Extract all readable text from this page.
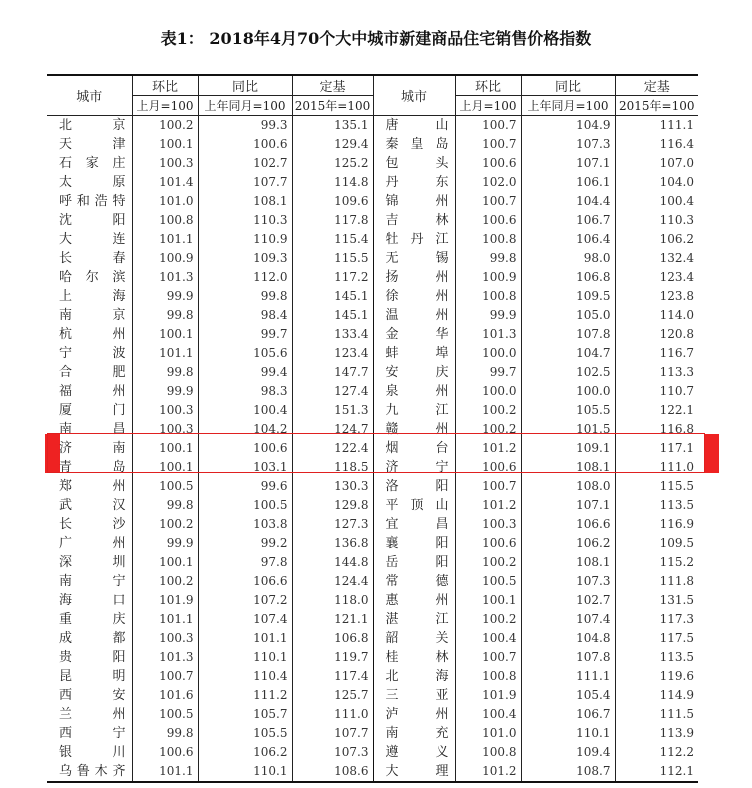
表1： 2018年4月70个大中城市新建商品住宅销售价格指数
城市	环比	同比	定基	城市	环比	同比	定基
	上月=100	上年同月=100	2015年=100		上月=100	上年同月=100	2015年=100
北京	100.2	99.3	135.1	唐山	100.7	104.9	111.1
天津	100.1	100.6	129.4	秦皇岛	100.7	107.3	116.4
石家庄	100.3	102.7	125.2	包头	100.6	107.1	107.0
太原	101.4	107.7	114.8	丹东	102.0	106.1	104.0
呼和浩特	101.0	108.1	109.6	锦州	100.7	104.4	100.4
沈阳	100.8	110.3	117.8	吉林	100.6	106.7	110.3
大连	101.1	110.9	115.4	牡丹江	100.8	106.4	106.2
长春	100.9	109.3	115.5	无锡	99.8	98.0	132.4
哈尔滨	101.3	112.0	117.2	扬州	100.9	106.8	123.4
上海	99.9	99.8	145.1	徐州	100.8	109.5	123.8
南京	99.8	98.4	145.1	温州	99.9	105.0	114.0
杭州	100.1	99.7	133.4	金华	101.3	107.8	120.8
宁波	101.1	105.6	123.4	蚌埠	100.0	104.7	116.7
合肥	99.8	99.4	147.7	安庆	99.7	102.5	113.3
福州	99.9	98.3	127.4	泉州	100.0	100.0	110.7
厦门	100.3	100.4	151.3	九江	100.2	105.5	122.1
南昌	100.3	104.2	124.7	赣州	100.2	101.5	116.8
济南	100.1	100.6	122.4	烟台	101.2	109.1	117.1
青岛	100.1	103.1	118.5	济宁	100.6	108.1	111.0
郑州	100.5	99.6	130.3	洛阳	100.7	108.0	115.5
武汉	99.8	100.5	129.8	平顶山	101.2	107.1	113.5
长沙	100.2	103.8	127.3	宜昌	100.3	106.6	116.9
广州	99.9	99.2	136.8	襄阳	100.6	106.2	109.5
深圳	100.1	97.8	144.8	岳阳	100.2	108.1	115.2
南宁	100.2	106.6	124.4	常德	100.5	107.3	111.8
海口	101.9	107.2	118.0	惠州	100.1	102.7	131.5
重庆	101.1	107.4	121.1	湛江	100.2	107.4	117.3
成都	100.3	101.1	106.8	韶关	100.4	104.8	117.5
贵阳	101.3	110.1	119.7	桂林	100.7	107.8	113.5
昆明	100.7	110.4	117.4	北海	100.8	111.1	119.6
西安	101.6	111.2	125.7	三亚	101.9	105.4	114.9
兰州	100.5	105.7	111.0	泸州	100.4	106.7	111.5
西宁	99.8	105.5	107.7	南充	101.0	110.1	113.9
银川	100.6	106.2	107.3	遵义	100.8	109.4	112.2
乌鲁木齐	101.1	110.1	108.6	大理	101.2	108.7	112.1
